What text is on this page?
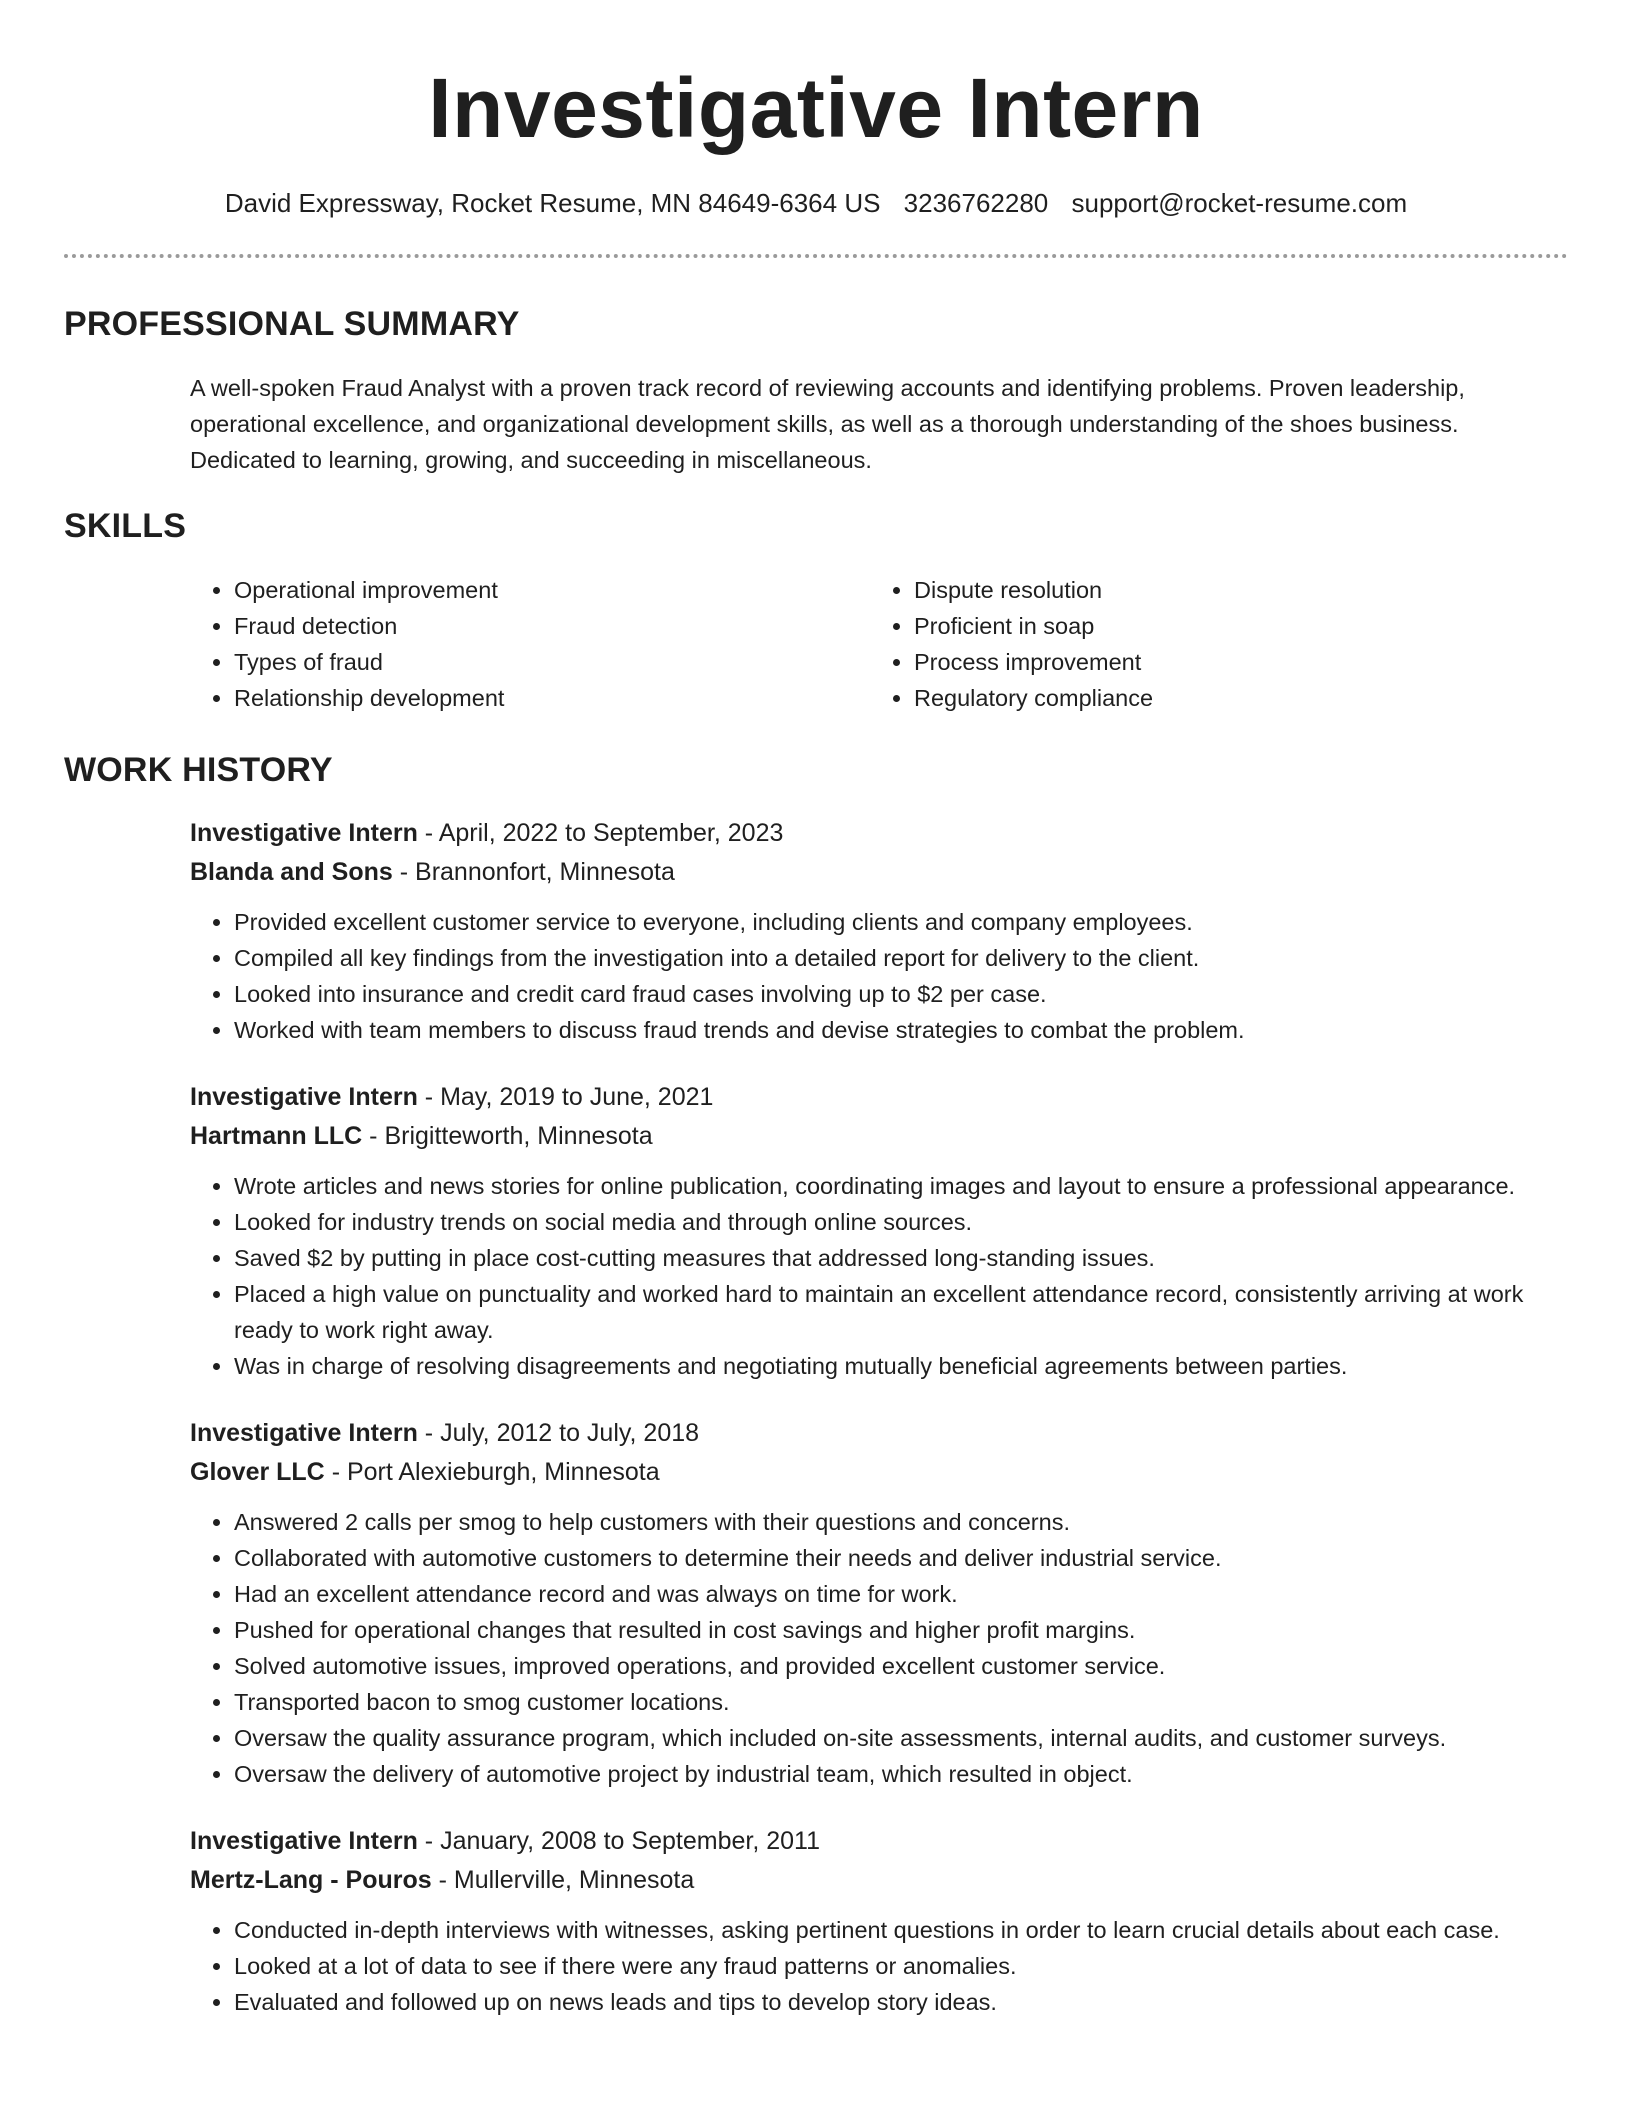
Investigative Intern
David Expressway, Rocket Resume, MN 84649-6364 US 3236762280 support@rocket-resume.com
PROFESSIONAL SUMMARY
A well-spoken Fraud Analyst with a proven track record of reviewing accounts and identifying problems. Proven leadership, operational excellence, and organizational development skills, as well as a thorough understanding of the shoes business. Dedicated to learning, growing, and succeeding in miscellaneous.
SKILLS
• Operational improvement
• Fraud detection
• Types of fraud
• Relationship development
• Dispute resolution
• Proficient in soap
• Process improvement
• Regulatory compliance
WORK HISTORY
Investigative Intern - April, 2022 to September, 2023
Blanda and Sons - Brannonfort, Minnesota
• Provided excellent customer service to everyone, including clients and company employees.
• Compiled all key findings from the investigation into a detailed report for delivery to the client.
• Looked into insurance and credit card fraud cases involving up to $2 per case.
• Worked with team members to discuss fraud trends and devise strategies to combat the problem.
Investigative Intern - May, 2019 to June, 2021
Hartmann LLC - Brigitteworth, Minnesota
• Wrote articles and news stories for online publication, coordinating images and layout to ensure a professional appearance.
• Looked for industry trends on social media and through online sources.
• Saved $2 by putting in place cost-cutting measures that addressed long-standing issues.
• Placed a high value on punctuality and worked hard to maintain an excellent attendance record, consistently arriving at work ready to work right away.
• Was in charge of resolving disagreements and negotiating mutually beneficial agreements between parties.
Investigative Intern - July, 2012 to July, 2018
Glover LLC - Port Alexieburgh, Minnesota
• Answered 2 calls per smog to help customers with their questions and concerns.
• Collaborated with automotive customers to determine their needs and deliver industrial service.
• Had an excellent attendance record and was always on time for work.
• Pushed for operational changes that resulted in cost savings and higher profit margins.
• Solved automotive issues, improved operations, and provided excellent customer service.
• Transported bacon to smog customer locations.
• Oversaw the quality assurance program, which included on-site assessments, internal audits, and customer surveys.
• Oversaw the delivery of automotive project by industrial team, which resulted in object.
Investigative Intern - January, 2008 to September, 2011
Mertz-Lang - Pouros - Mullerville, Minnesota
• Conducted in-depth interviews with witnesses, asking pertinent questions in order to learn crucial details about each case.
• Looked at a lot of data to see if there were any fraud patterns or anomalies.
• Evaluated and followed up on news leads and tips to develop story ideas.
